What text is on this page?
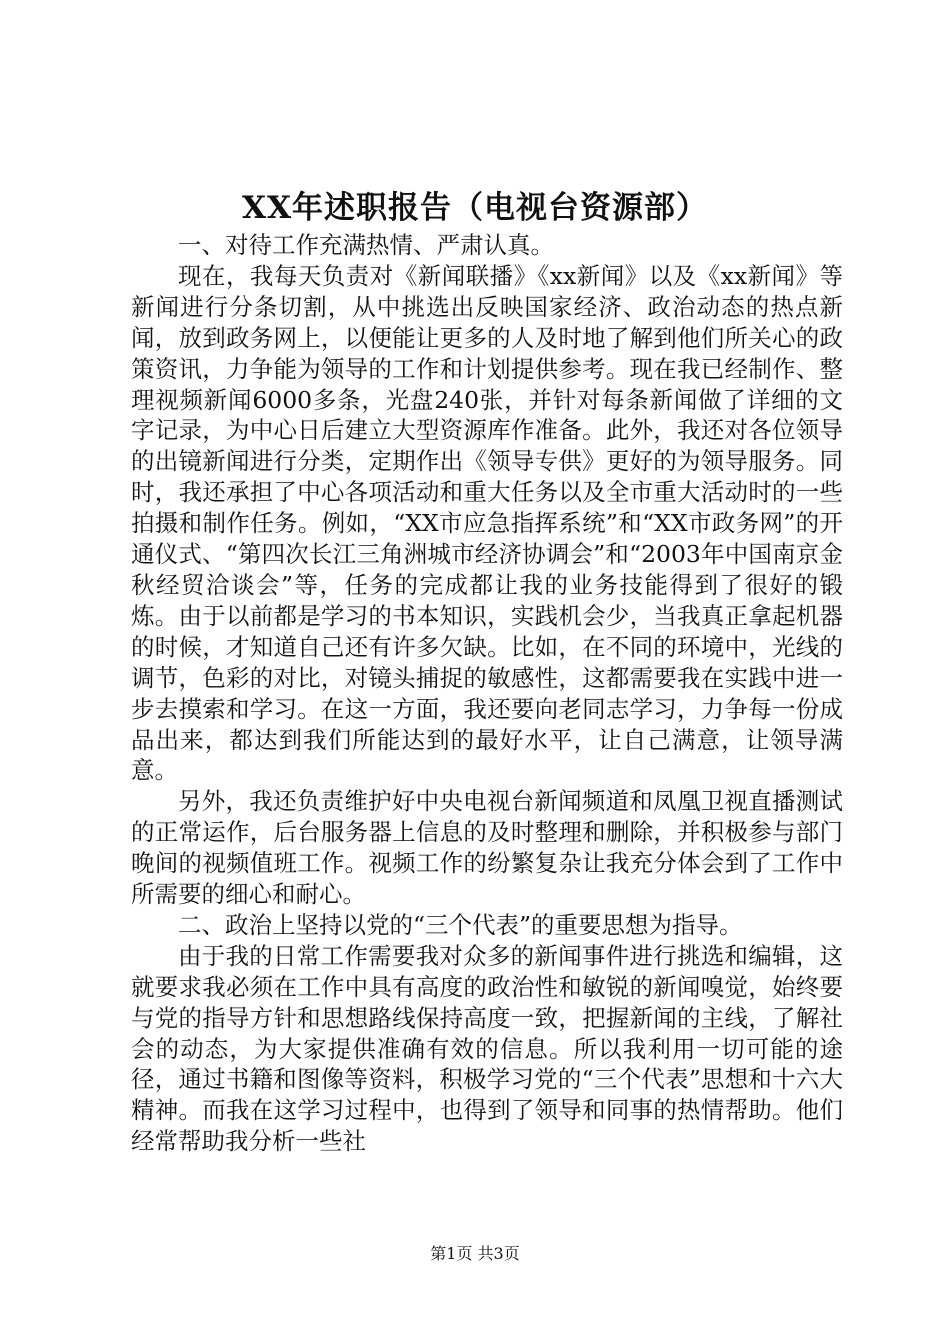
XX年述职报告（电视台资源部）

一、对待工作充满热情、严肃认真。

现在，我每天负责对《新闻联播》《xx新闻》以及《xx新闻》等新闻进行分条切割，从中挑选出反映国家经济、政治动态的热点新闻，放到政务网上，以便能让更多的人及时地了解到他们所关心的政策资讯，力争能为领导的工作和计划提供参考。现在我已经制作、整理视频新闻6000多条，光盘240张，并针对每条新闻做了详细的文字记录，为中心日后建立大型资源库作准备。此外，我还对各位领导的出镜新闻进行分类，定期作出《领导专供》更好的为领导服务。同时，我还承担了中心各项活动和重大任务以及全市重大活动时的一些拍摄和制作任务。例如，“XX市应急指挥系统”和“XX市政务网”的开通仪式、“第四次长江三角洲城市经济协调会”和“2003年中国南京金秋经贸洽谈会”等，任务的完成都让我的业务技能得到了很好的锻炼。由于以前都是学习的书本知识，实践机会少，当我真正拿起机器的时候，才知道自己还有许多欠缺。比如，在不同的环境中，光线的调节，色彩的对比，对镜头捕捉的敏感性，这都需要我在实践中进一步去摸索和学习。在这一方面，我还要向老同志学习，力争每一份成品出来，都达到我们所能达到的最好水平，让自己满意，让领导满意。

另外，我还负责维护好中央电视台新闻频道和凤凰卫视直播测试的正常运作，后台服务器上信息的及时整理和删除，并积极参与部门晚间的视频值班工作。视频工作的纷繁复杂让我充分体会到了工作中所需要的细心和耐心。

二、政治上坚持以党的“三个代表”的重要思想为指导。

由于我的日常工作需要我对众多的新闻事件进行挑选和编辑，这就要求我必须在工作中具有高度的政治性和敏锐的新闻嗅觉，始终要与党的指导方针和思想路线保持高度一致，把握新闻的主线，了解社会的动态，为大家提供准确有效的信息。所以我利用一切可能的途径，通过书籍和图像等资料，积极学习党的“三个代表”思想和十六大精神。而我在这学习过程中，也得到了领导和同事的热情帮助。他们经常帮助我分析一些社

第1页 共3页
